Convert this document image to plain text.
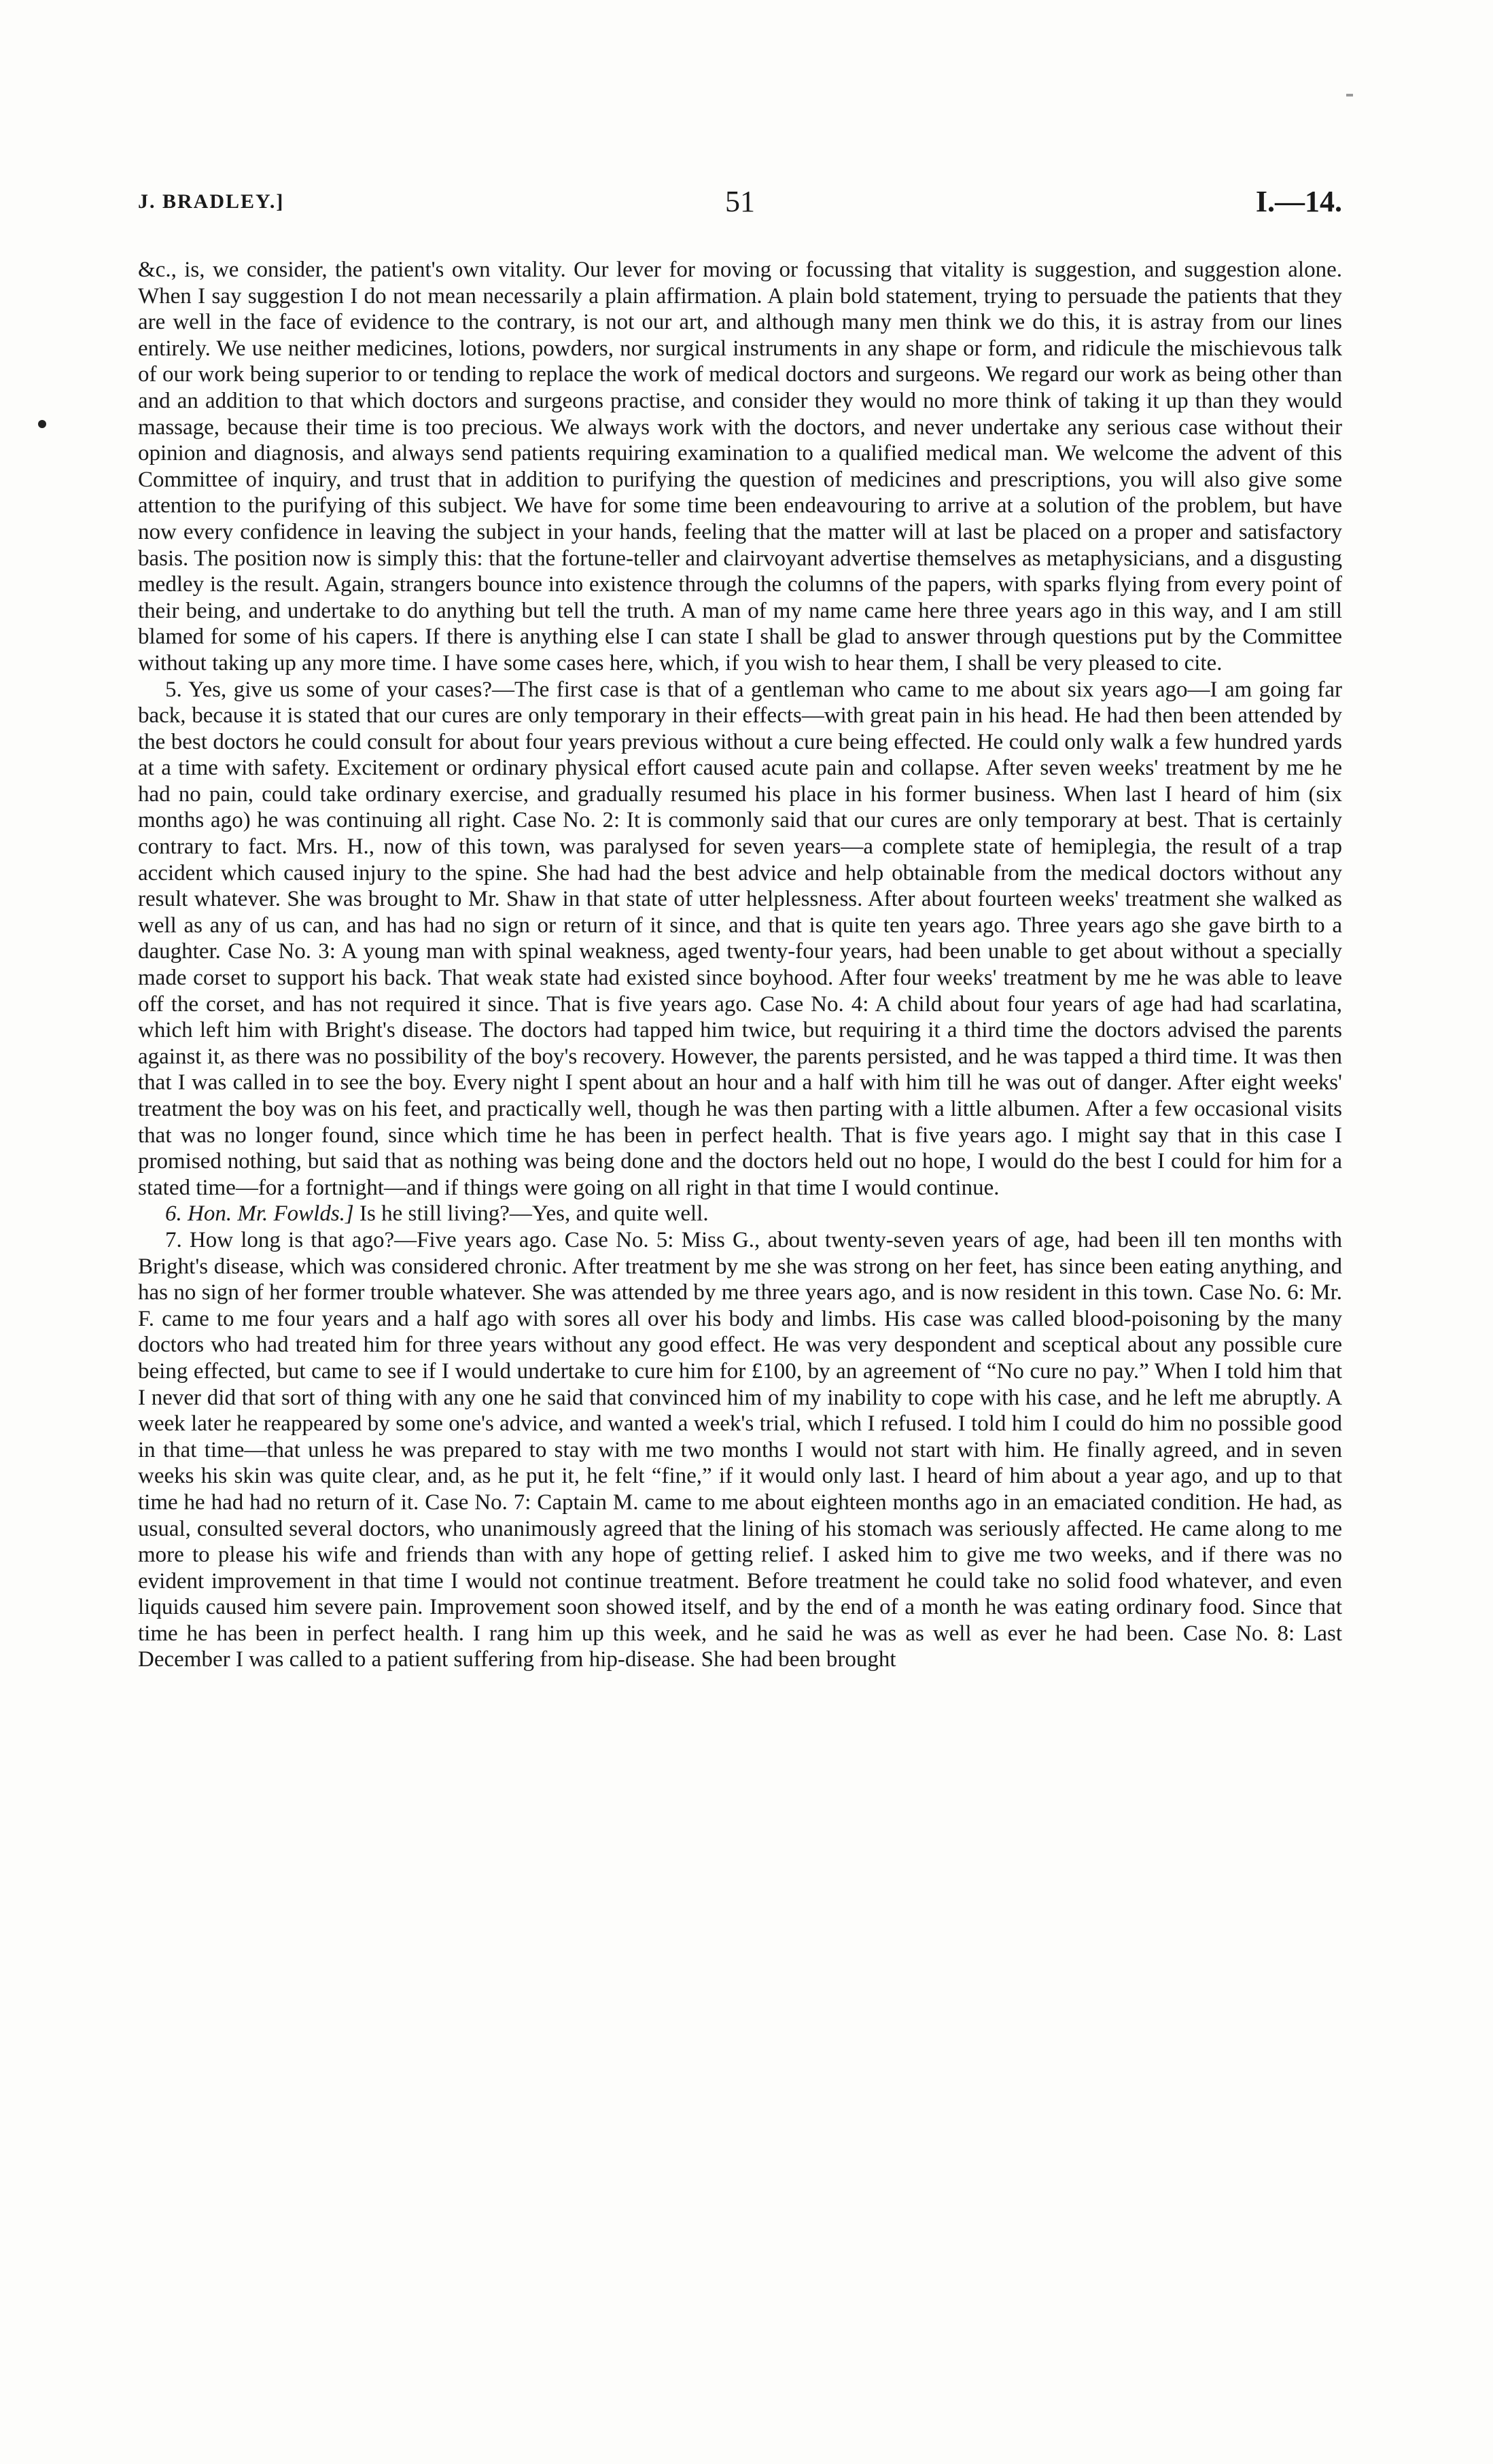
J. BRADLEY.]	51	I.—14.

&c., is, we consider, the patient's own vitality. Our lever for moving or focussing that vitality is suggestion, and suggestion alone. When I say suggestion I do not mean necessarily a plain affirmation. A plain bold statement, trying to persuade the patients that they are well in the face of evidence to the contrary, is not our art, and although many men think we do this, it is astray from our lines entirely. We use neither medicines, lotions, powders, nor surgical instruments in any shape or form, and ridicule the mischievous talk of our work being superior to or tending to replace the work of medical doctors and surgeons. We regard our work as being other than and an addition to that which doctors and surgeons practise, and consider they would no more think of taking it up than they would massage, because their time is too precious. We always work with the doctors, and never undertake any serious case without their opinion and diagnosis, and always send patients requiring examination to a qualified medical man. We welcome the advent of this Committee of inquiry, and trust that in addition to purifying the question of medicines and prescriptions, you will also give some attention to the purifying of this subject. We have for some time been endeavouring to arrive at a solution of the problem, but have now every confidence in leaving the subject in your hands, feeling that the matter will at last be placed on a proper and satisfactory basis. The position now is simply this: that the fortune-teller and clairvoyant advertise themselves as metaphysicians, and a disgusting medley is the result. Again, strangers bounce into existence through the columns of the papers, with sparks flying from every point of their being, and undertake to do anything but tell the truth. A man of my name came here three years ago in this way, and I am still blamed for some of his capers. If there is anything else I can state I shall be glad to answer through questions put by the Committee without taking up any more time. I have some cases here, which, if you wish to hear them, I shall be very pleased to cite.

5. Yes, give us some of your cases?—The first case is that of a gentleman who came to me about six years ago—I am going far back, because it is stated that our cures are only temporary in their effects—with great pain in his head. He had then been attended by the best doctors he could consult for about four years previous without a cure being effected. He could only walk a few hundred yards at a time with safety. Excitement or ordinary physical effort caused acute pain and collapse. After seven weeks' treatment by me he had no pain, could take ordinary exercise, and gradually resumed his place in his former business. When last I heard of him (six months ago) he was continuing all right. Case No. 2: It is commonly said that our cures are only temporary at best. That is certainly contrary to fact. Mrs. H., now of this town, was paralysed for seven years—a complete state of hemiplegia, the result of a trap accident which caused injury to the spine. She had had the best advice and help obtainable from the medical doctors without any result whatever. She was brought to Mr. Shaw in that state of utter helplessness. After about fourteen weeks' treatment she walked as well as any of us can, and has had no sign or return of it since, and that is quite ten years ago. Three years ago she gave birth to a daughter. Case No. 3: A young man with spinal weakness, aged twenty-four years, had been unable to get about without a specially made corset to support his back. That weak state had existed since boyhood. After four weeks' treatment by me he was able to leave off the corset, and has not required it since. That is five years ago. Case No. 4: A child about four years of age had had scarlatina, which left him with Bright's disease. The doctors had tapped him twice, but requiring it a third time the doctors advised the parents against it, as there was no possibility of the boy's recovery. However, the parents persisted, and he was tapped a third time. It was then that I was called in to see the boy. Every night I spent about an hour and a half with him till he was out of danger. After eight weeks' treatment the boy was on his feet, and practically well, though he was then parting with a little albumen. After a few occasional visits that was no longer found, since which time he has been in perfect health. That is five years ago. I might say that in this case I promised nothing, but said that as nothing was being done and the doctors held out no hope, I would do the best I could for him for a stated time—for a fortnight—and if things were going on all right in that time I would continue.

6. Hon. Mr. Fowlds.] Is he still living?—Yes, and quite well.

7. How long is that ago?—Five years ago. Case No. 5: Miss G., about twenty-seven years of age, had been ill ten months with Bright's disease, which was considered chronic. After treatment by me she was strong on her feet, has since been eating anything, and has no sign of her former trouble whatever. She was attended by me three years ago, and is now resident in this town. Case No. 6: Mr. F. came to me four years and a half ago with sores all over his body and limbs. His case was called blood-poisoning by the many doctors who had treated him for three years without any good effect. He was very despondent and sceptical about any possible cure being effected, but came to see if I would undertake to cure him for £100, by an agreement of “No cure no pay.” When I told him that I never did that sort of thing with any one he said that convinced him of my inability to cope with his case, and he left me abruptly. A week later he reappeared by some one's advice, and wanted a week's trial, which I refused. I told him I could do him no possible good in that time—that unless he was prepared to stay with me two months I would not start with him. He finally agreed, and in seven weeks his skin was quite clear, and, as he put it, he felt “fine,” if it would only last. I heard of him about a year ago, and up to that time he had had no return of it. Case No. 7: Captain M. came to me about eighteen months ago in an emaciated condition. He had, as usual, consulted several doctors, who unanimously agreed that the lining of his stomach was seriously affected. He came along to me more to please his wife and friends than with any hope of getting relief. I asked him to give me two weeks, and if there was no evident improvement in that time I would not continue treatment. Before treatment he could take no solid food whatever, and even liquids caused him severe pain. Improvement soon showed itself, and by the end of a month he was eating ordinary food. Since that time he has been in perfect health. I rang him up this week, and he said he was as well as ever he had been. Case No. 8: Last December I was called to a patient suffering from hip-disease. She had been brought
